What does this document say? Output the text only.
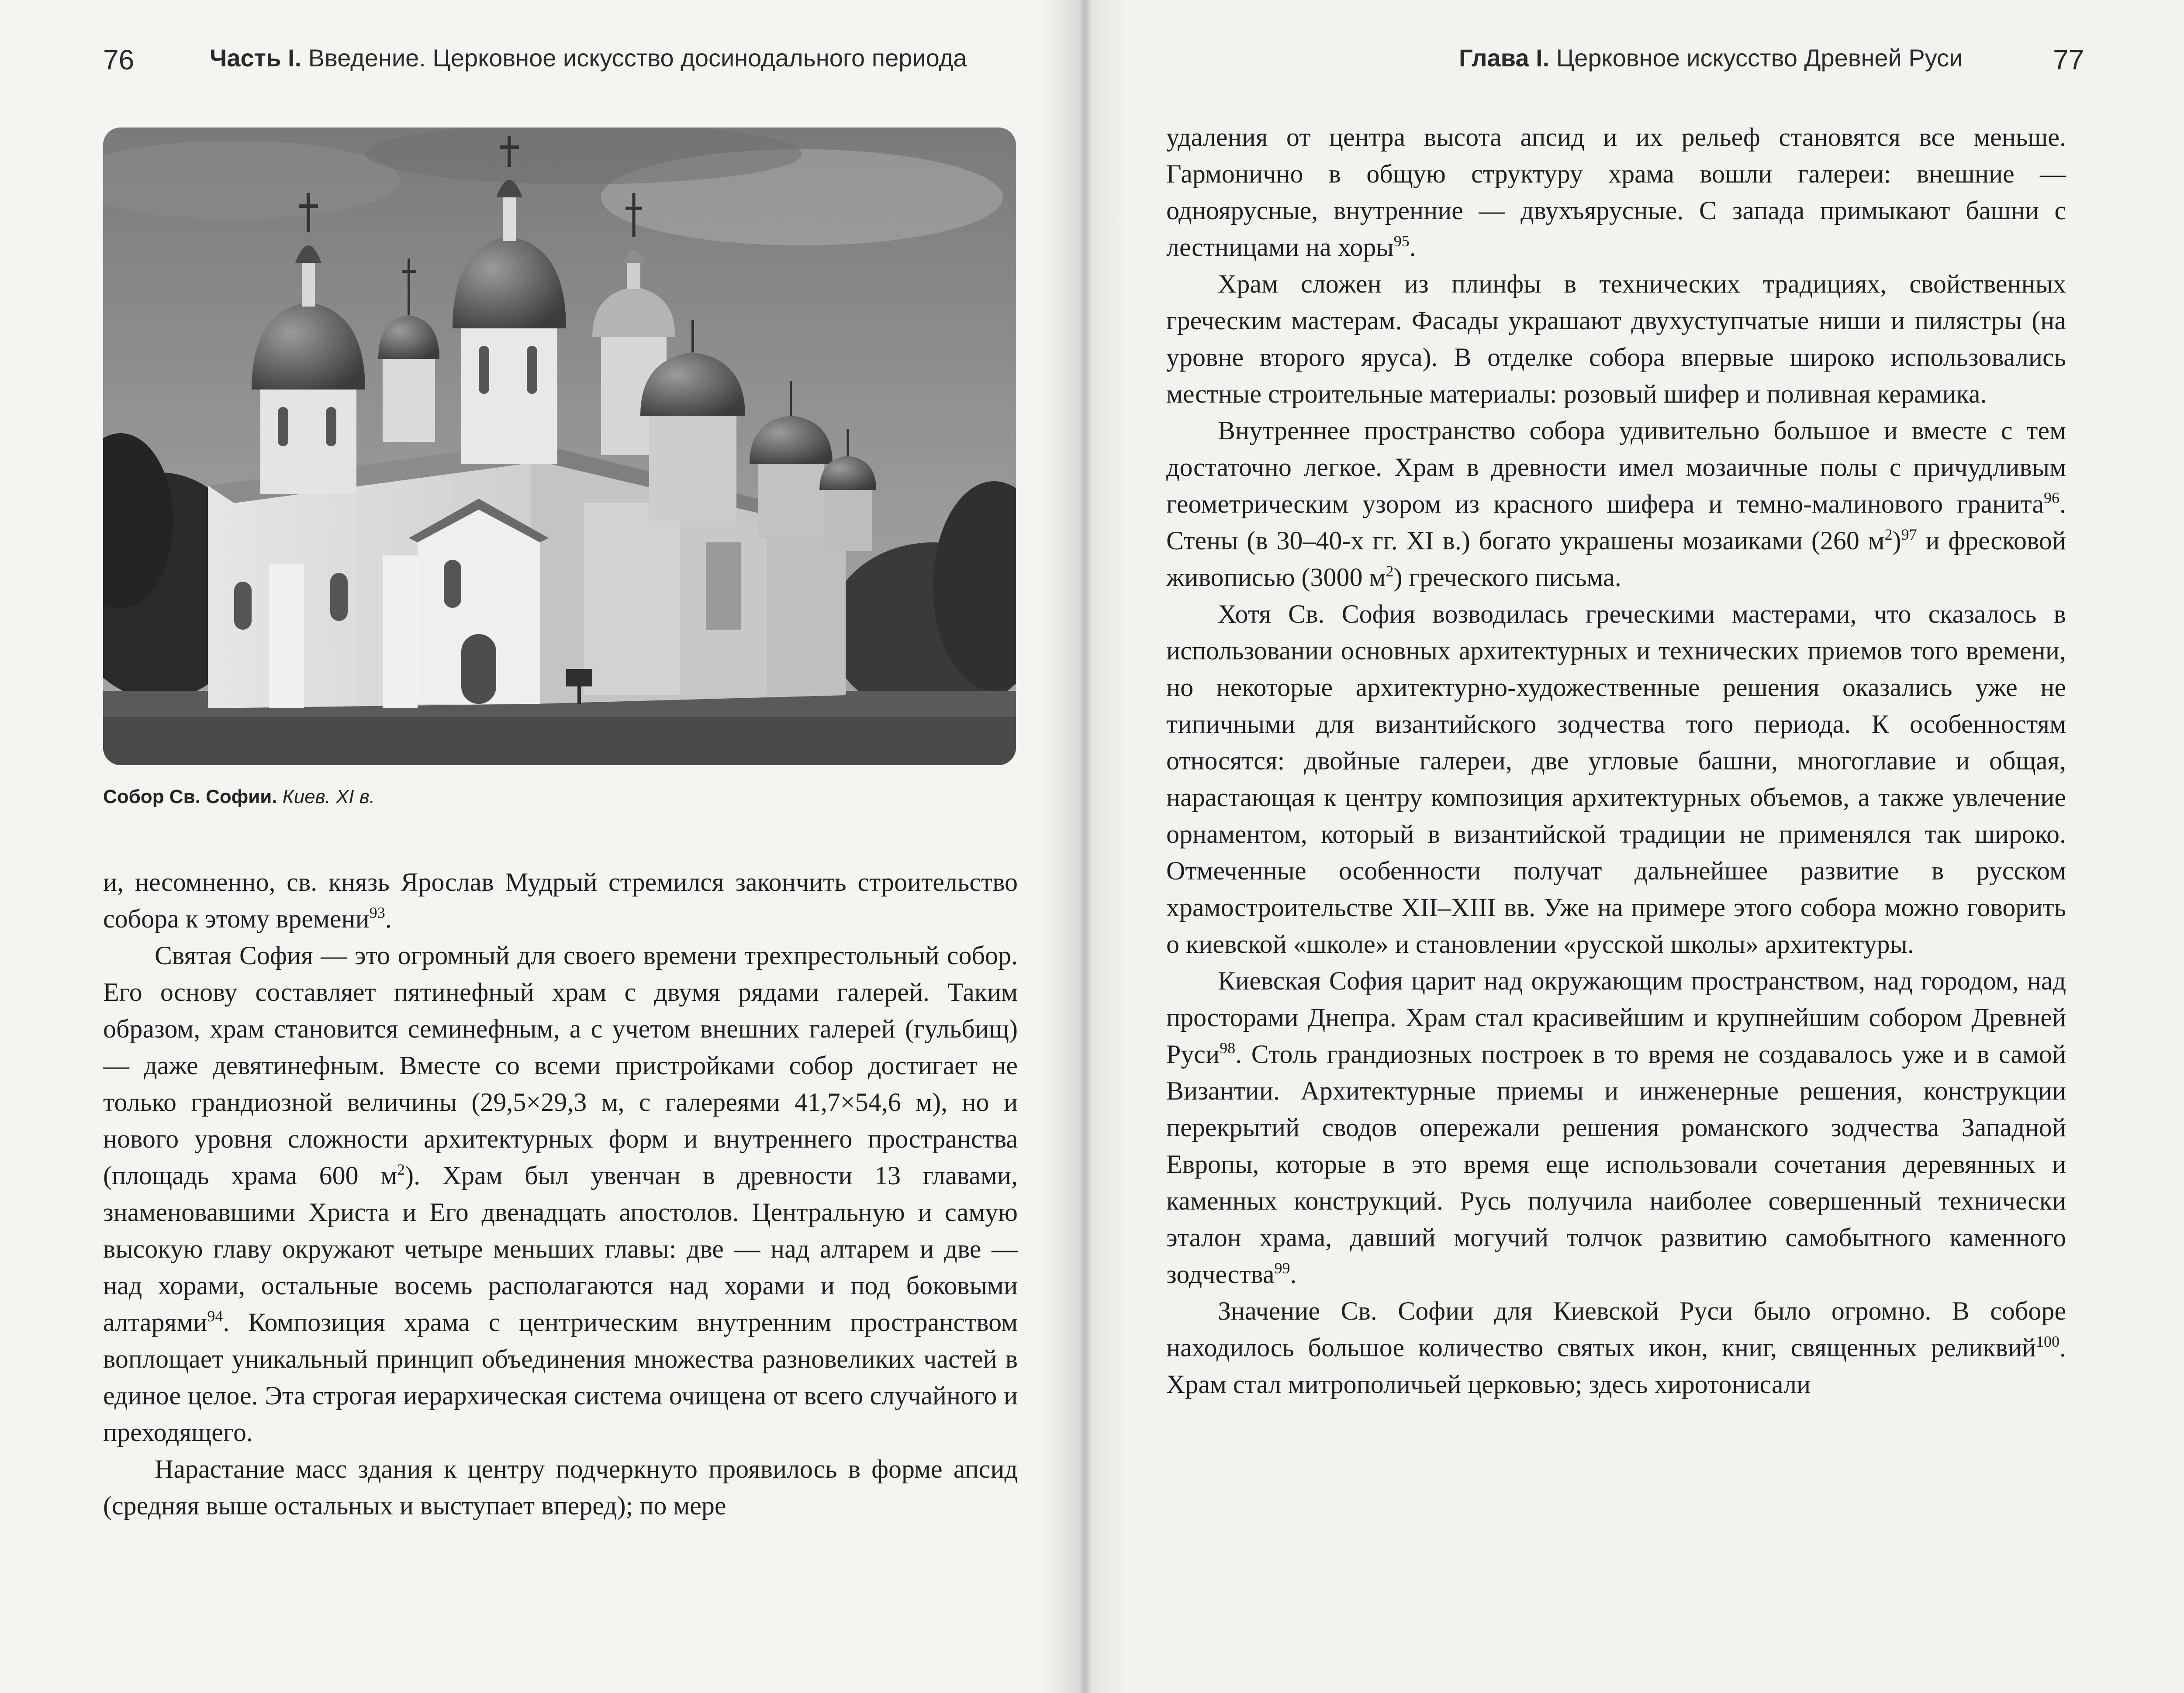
76	Часть I. Введение. Церковное искусство досинодального периода
Собор Св. Софии. Киев. XI в.

и, несомненно, св. князь Ярослав Мудрый стремился закончить строительство собора к этому времени$^{93}$.

Святая София — это огромный для своего времени трехпрестольный собор. Его основу составляет пятинефный храм с двумя рядами галерей. Таким образом, храм становится семинефным, а с учетом внешних галерей (гульбищ) — даже девятинефным. Вместе со всеми пристройками собор достигает не только грандиозной величины (29,5×29,3 м, с галереями 41,7×54,6 м), но и нового уровня сложности архитектурных форм и внутреннего пространства (площадь храма 600 $м^2$). Храм был увенчан в древности 13 главами, знаменовавшими Христа и Его двенадцать апостолов. Центральную и самую высокую главу окружают четыре меньших главы: две — над алтарем и две — над хорами, остальные восемь располагаются над хорами и под боковыми алтарями$^{94}$. Композиция храма с центрическим внутренним пространством воплощает уникальный принцип объединения множества разновеликих частей в единое целое. Эта строгая иерархическая система очищена от всего случайного и преходящего.

Нарастание масс здания к центру подчеркнуто проявилось в форме апсид (средняя выше остальных и выступает вперед); по мере

Глава I. Церковное искусство Древней Руси	77

удаления от центра высота апсид и их рельеф становятся все меньше. Гармонично в общую структуру храма вошли галереи: внешние — одноярусные, внутренние — двухъярусные. С запада примыкают башни с лестницами на хоры$^{95}$.

Храм сложен из плинфы в технических традициях, свойственных греческим мастерам. Фасады украшают двухуступчатые ниши и пилястры (на уровне второго яруса). В отделке собора впервые широко использовались местные строительные материалы: розовый шифер и поливная керамика.

Внутреннее пространство собора удивительно большое и вместе с тем достаточно легкое. Храм в древности имел мозаичные полы с причудливым геометрическим узором из красного шифера и темно-малинового гранита$^{96}$. Стены (в 30–40-х гг. XI в.) богато украшены мозаиками (260 $м^2)^{97}$ и фресковой живописью (3000 $м^2$) греческого письма.

Хотя Св. София возводилась греческими мастерами, что сказалось в использовании основных архитектурных и технических приемов того времени, но некоторые архитектурно-художественные решения оказались уже не типичными для византийского зодчества того периода. К особенностям относятся: двойные галереи, две угловые башни, многоглавие и общая, нарастающая к центру композиция архитектурных объемов, а также увлечение орнаментом, который в византийской традиции не применялся так широко. Отмеченные особенности получат дальнейшее развитие в русском храмостроительстве XII–XIII вв. Уже на примере этого собора можно говорить о киевской «школе» и становлении «русской школы» архитектуры.

Киевская София царит над окружающим пространством, над городом, над просторами Днепра. Храм стал красивейшим и крупнейшим собором Древней Руси$^{98}$. Столь грандиозных построек в то время не создавалось уже и в самой Византии. Архитектурные приемы и инженерные решения, конструкции перекрытий сводов опережали решения романского зодчества Западной Европы, которые в это время еще использовали сочетания деревянных и каменных конструкций. Русь получила наиболее совершенный технически эталон храма, давший могучий толчок развитию самобытного каменного зодчества$^{99}$.

Значение Св. Софии для Киевской Руси было огромно. В соборе находилось большое количество святых икон, книг, священных реликвий$^{100}$. Храм стал митрополичьей церковью; здесь хиротонисали
